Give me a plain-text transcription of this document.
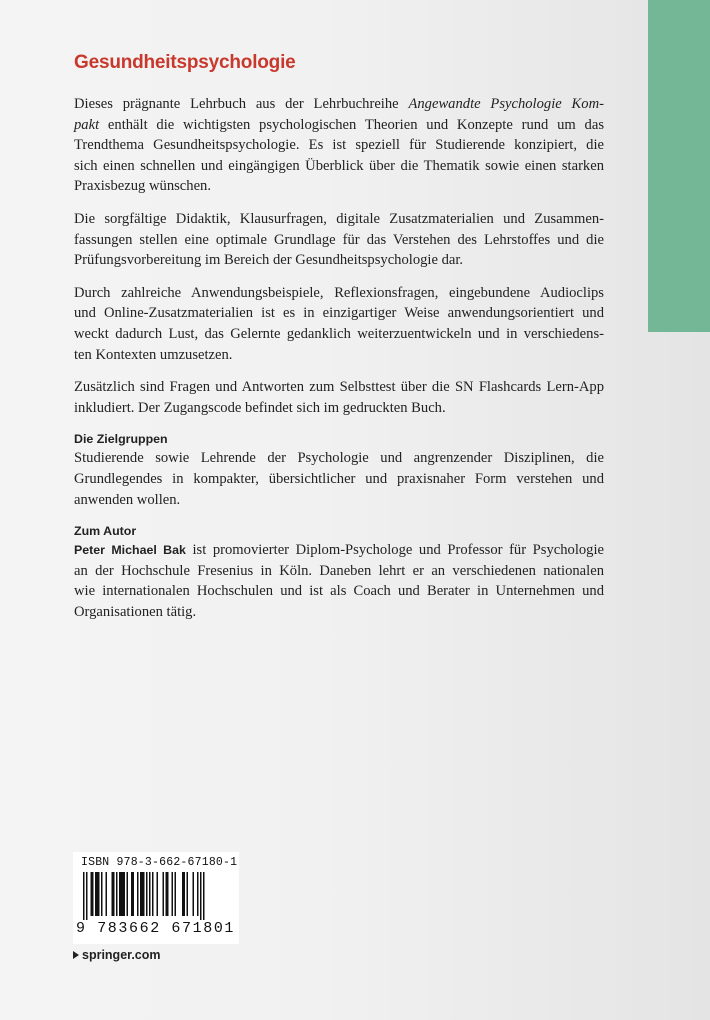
Gesundheitspsychologie
Dieses prägnante Lehrbuch aus der Lehrbuchreihe Angewandte Psychologie Kom-
pakt enthält die wichtigsten psychologischen Theorien und Konzepte rund um das
Trendthema Gesundheitspsychologie. Es ist speziell für Studierende konzipiert, die
sich einen schnellen und eingängigen Überblick über die Thematik sowie einen starken
Praxisbezug wünschen.
Die sorgfältige Didaktik, Klausurfragen, digitale Zusatzmaterialien und Zusammen-
fassungen stellen eine optimale Grundlage für das Verstehen des Lehrstoffes und die
Prüfungsvorbereitung im Bereich der Gesundheitspsychologie dar.
Durch zahlreiche Anwendungsbeispiele, Reflexionsfragen, eingebundene Audioclips
und Online-Zusatzmaterialien ist es in einzigartiger Weise anwendungsorientiert und
weckt dadurch Lust, das Gelernte gedanklich weiterzuentwickeln und in verschiedens-
ten Kontexten umzusetzen.
Zusätzlich sind Fragen und Antworten zum Selbsttest über die SN Flashcards Lern-App
inkludiert. Der Zugangscode befindet sich im gedruckten Buch.
Die Zielgruppen
Studierende sowie Lehrende der Psychologie und angrenzender Disziplinen, die
Grundlegendes in kompakter, übersichtlicher und praxisnaher Form verstehen und
anwenden wollen.
Zum Autor
Peter Michael Bak ist promovierter Diplom-Psychologe und Professor für Psychologie
an der Hochschule Fresenius in Köln. Daneben lehrt er an verschiedenen nationalen
wie internationalen Hochschulen und ist als Coach und Berater in Unternehmen und
Organisationen tätig.
ISBN 978-3-662-67180-1
9 783662 671801
springer.com
